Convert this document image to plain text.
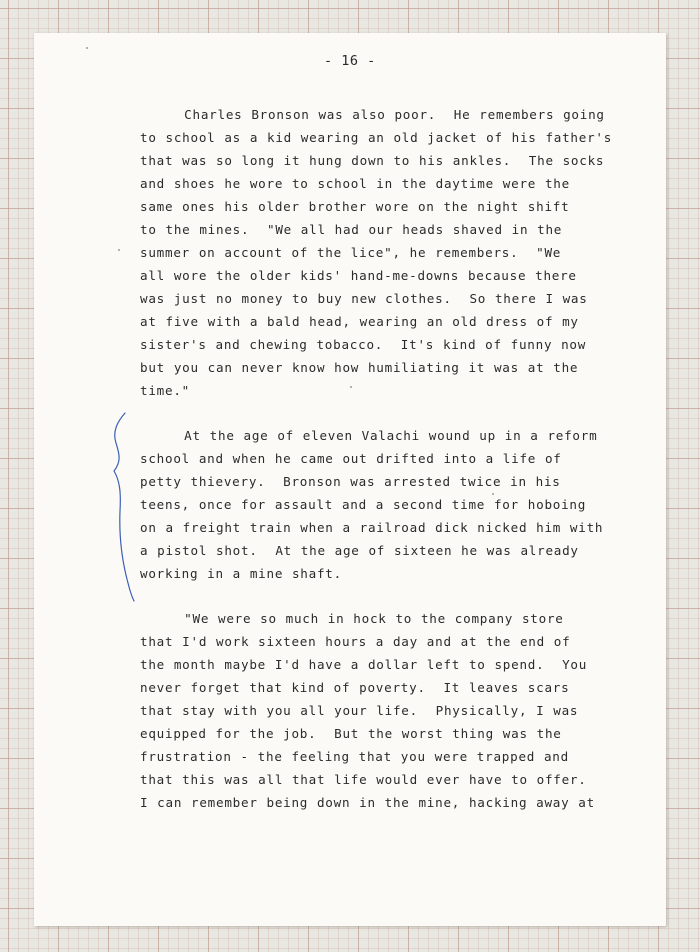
- 16 -
Charles Bronson was also poor.  He remembers going
to school as a kid wearing an old jacket of his father's
that was so long it hung down to his ankles.  The socks
and shoes he wore to school in the daytime were the
same ones his older brother wore on the night shift
to the mines.  "We all had our heads shaved in the
summer on account of the lice", he remembers.  "We
all wore the older kids' hand-me-downs because there
was just no money to buy new clothes.  So there I was
at five with a bald head, wearing an old dress of my
sister's and chewing tobacco.  It's kind of funny now
but you can never know how humiliating it was at the
time."
At the age of eleven Valachi wound up in a reform
school and when he came out drifted into a life of
petty thievery.  Bronson was arrested twice in his
teens, once for assault and a second time for hoboing
on a freight train when a railroad dick nicked him with
a pistol shot.  At the age of sixteen he was already
working in a mine shaft.
"We were so much in hock to the company store
that I'd work sixteen hours a day and at the end of
the month maybe I'd have a dollar left to spend.  You
never forget that kind of poverty.  It leaves scars
that stay with you all your life.  Physically, I was
equipped for the job.  But the worst thing was the
frustration - the feeling that you were trapped and
that this was all that life would ever have to offer.
I can remember being down in the mine, hacking away at
